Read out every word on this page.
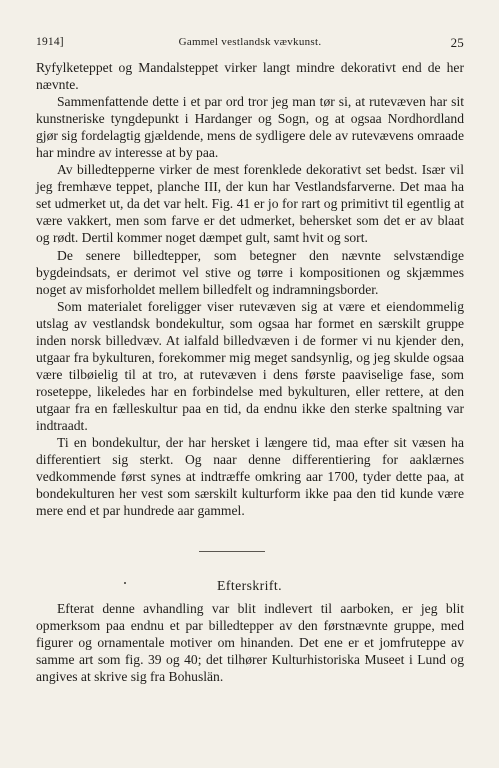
1914]	Gammel vestlandsk vævkunst.	25

Ryfylketeppet og Mandalsteppet virker langt mindre dekorativt end de her nævnte.

Sammenfattende dette i et par ord tror jeg man tør si, at rutevæven har sit kunstneriske tyngdepunkt i Hardanger og Sogn, og at ogsaa Nordhordland gjør sig fordelagtig gjældende, mens de sydligere dele av rutevævens omraade har mindre av interesse at by paa.

Av billedtepperne virker de mest forenklede dekorativt set bedst. Især vil jeg fremhæve teppet, planche III, der kun har Vestlandsfarverne. Det maa ha set udmerket ut, da det var helt. Fig. 41 er jo for rart og primitivt til egentlig at være vakkert, men som farve er det udmerket, behersket som det er av blaat og rødt. Dertil kommer noget dæmpet gult, samt hvit og sort.

De senere billedtepper, som betegner den nævnte selvstændige bygdeindsats, er derimot vel stive og tørre i kompositionen og skjæmmes noget av misforholdet mellem billedfelt og indramningsborder.

Som materialet foreligger viser rutevæven sig at være et eiendommelig utslag av vestlandsk bondekultur, som ogsaa har formet en særskilt gruppe inden norsk billedvæv. At ialfald billedvæven i de former vi nu kjender den, utgaar fra bykulturen, forekommer mig meget sandsynlig, og jeg skulde ogsaa være tilbøielig til at tro, at rutevæven i dens første paaviselige fase, som roseteppe, likeledes har en forbindelse med bykulturen, eller rettere, at den utgaar fra en fælleskultur paa en tid, da endnu ikke den sterke spaltning var indtraadt.

Ti en bondekultur, der har hersket i længere tid, maa efter sit væsen ha differentiert sig sterkt. Og naar denne differentiering for aaklærnes vedkommende først synes at indtræffe omkring aar 1700, tyder dette paa, at bondekulturen her vest som særskilt kulturform ikke paa den tid kunde være mere end et par hundrede aar gammel.

Efterskrift.

Efterat denne avhandling var blit indlevert til aarboken, er jeg blit opmerksom paa endnu et par billedtepper av den førstnævnte gruppe, med figurer og ornamentale motiver om hinanden. Det ene er et jomfruteppe av samme art som fig. 39 og 40; det tilhører Kulturhistoriska Museet i Lund og angives at skrive sig fra Bohuslän.
